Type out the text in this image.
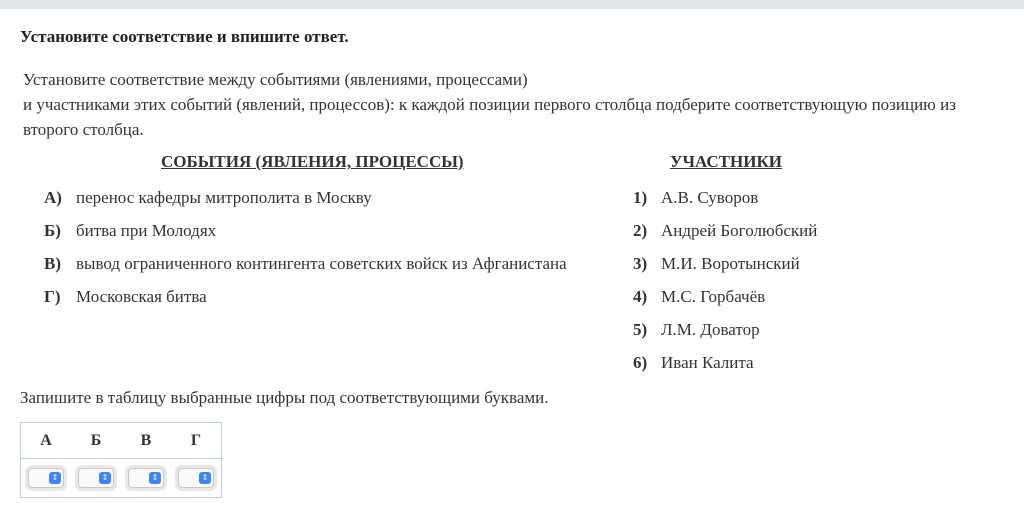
Установите соответствие и впишите ответ.

Установите соответствие между событиями (явлениями, процессами)

и участниками этих событий (явлений, процессов): к каждой позиции первого столбца подберите соответствующую позицию из второго столбца.

СОБЫТИЯ (ЯВЛЕНИЯ, ПРОЦЕССЫ)	УЧАСТНИКИ
А) перенос кафедры митрополита в Москву
Б) битва при Молодях
В) вывод ограниченного контингента советских войск из Афганистана
Г) Московская битва
1) А.В. Суворов
2) Андрей Боголюбский
3) М.И. Воротынский
4) М.С. Горбачёв
5) Л.М. Доватор
6) Иван Калита
Запишите в таблицу выбранные цифры под соответствующими буквами.
А	Б	В	Г

⇕	⇕	⇕	⇕
